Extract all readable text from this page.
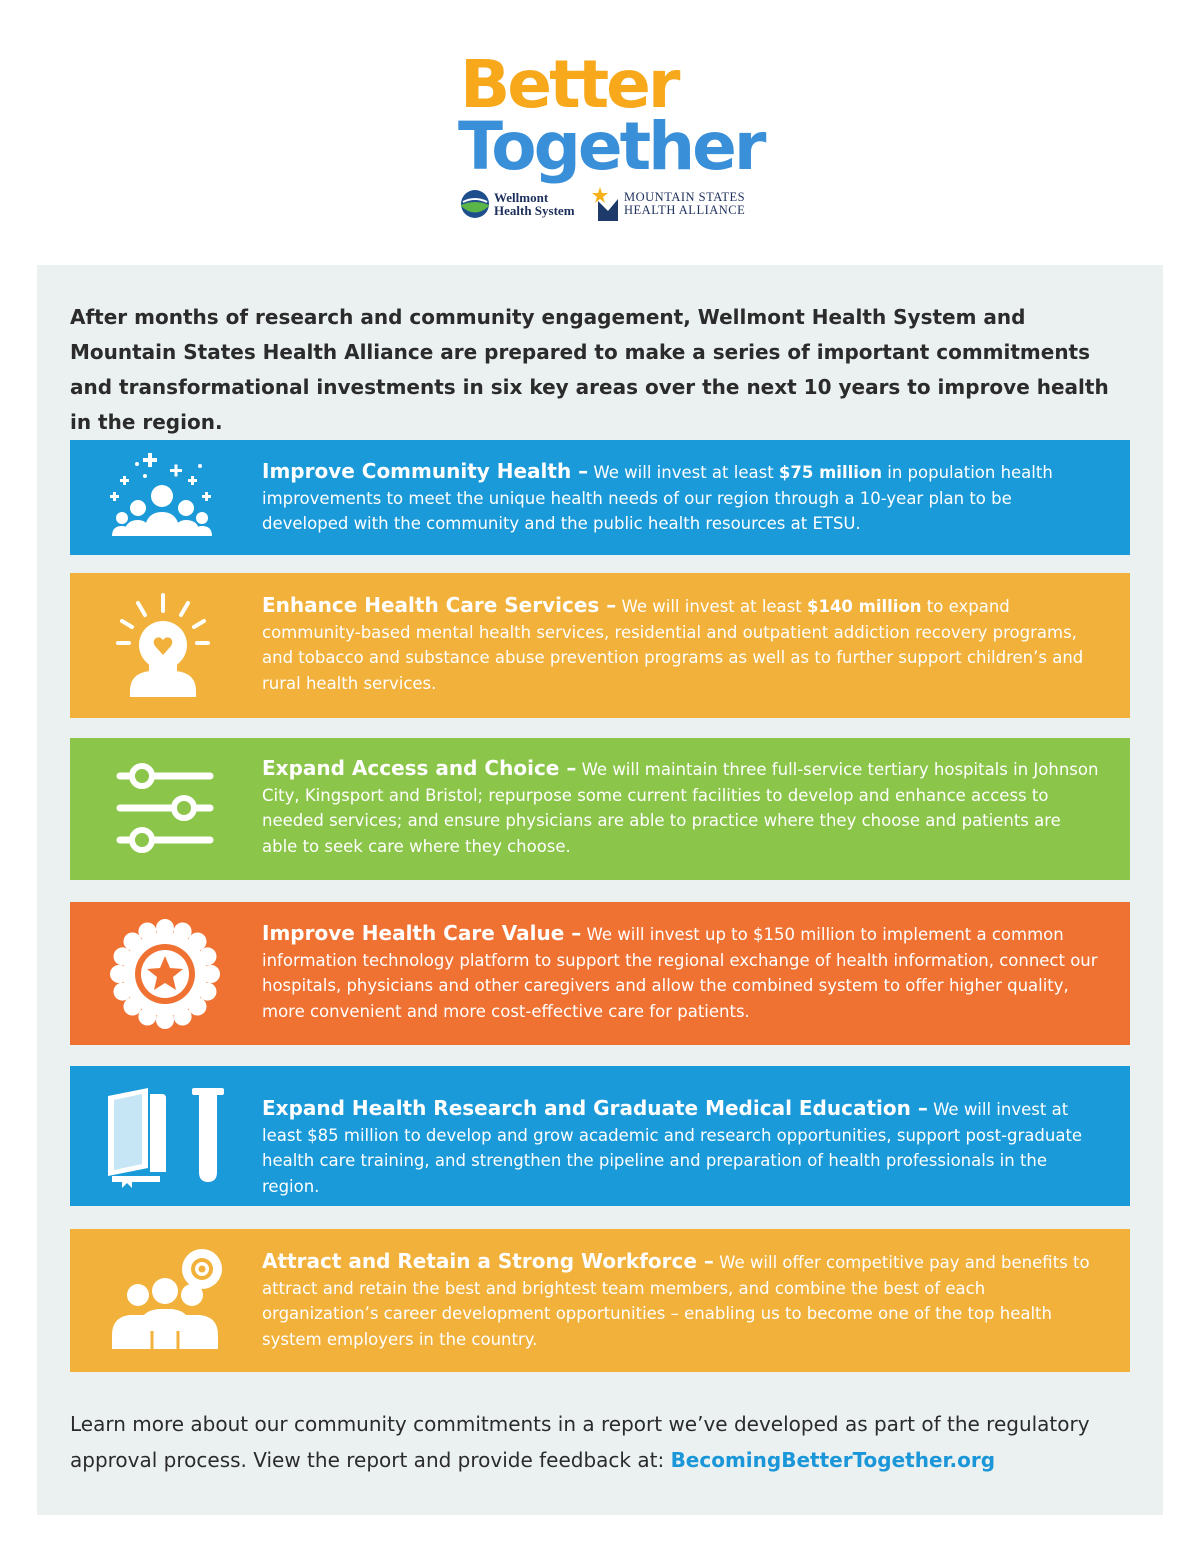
Better
Together
Wellmont
Health System
MOUNTAIN STATES
HEALTH ALLIANCE

After months of research and community engagement, Wellmont Health System and Mountain States Health Alliance are prepared to make a series of important commitments and transformational investments in six key areas over the next 10 years to improve health in the region.

Improve Community Health – We will invest at least $75 million in population health improvements to meet the unique health needs of our region through a 10-year plan to be developed with the community and the public health resources at ETSU.

Enhance Health Care Services – We will invest at least $140 million to expand community-based mental health services, residential and outpatient addiction recovery programs, and tobacco and substance abuse prevention programs as well as to further support children’s and rural health services.

Expand Access and Choice – We will maintain three full-service tertiary hospitals in Johnson City, Kingsport and Bristol; repurpose some current facilities to develop and enhance access to needed services; and ensure physicians are able to practice where they choose and patients are able to seek care where they choose.

Improve Health Care Value – We will invest up to $150 million to implement a common information technology platform to support the regional exchange of health information, connect our hospitals, physicians and other caregivers and allow the combined system to offer higher quality, more convenient and more cost-effective care for patients.

Expand Health Research and Graduate Medical Education – We will invest at least $85 million to develop and grow academic and research opportunities, support post-graduate health care training, and strengthen the pipeline and preparation of health professionals in the region.

Attract and Retain a Strong Workforce – We will offer competitive pay and benefits to attract and retain the best and brightest team members, and combine the best of each organization’s career development opportunities – enabling us to become one of the top health system employers in the country.

Learn more about our community commitments in a report we’ve developed as part of the regulatory approval process. View the report and provide feedback at: BecomingBetterTogether.org
